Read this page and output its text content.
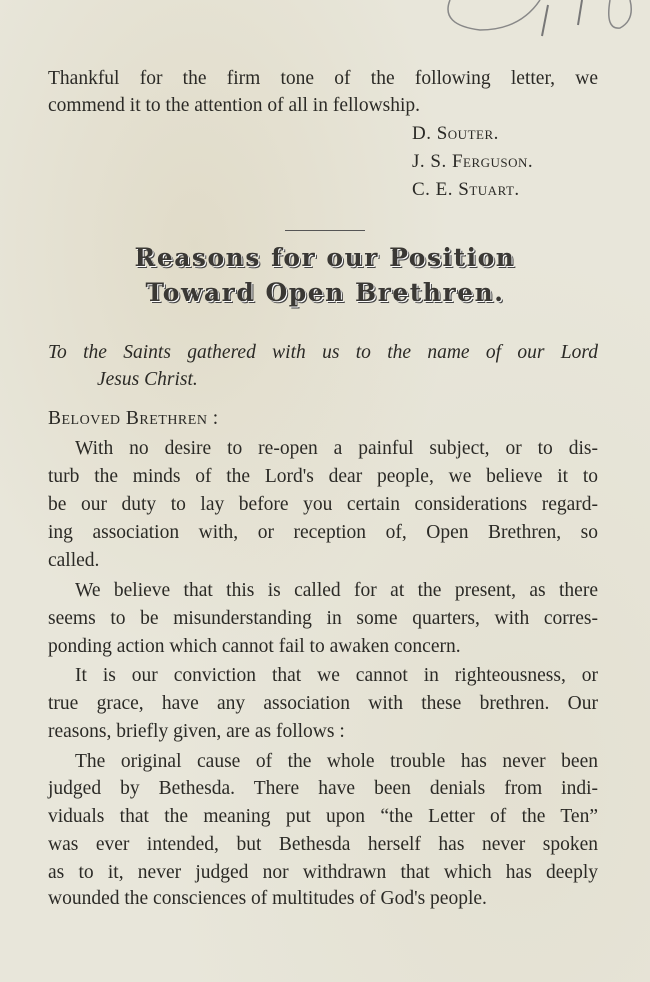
Thankful for the firm tone of the following letter, we
commend it to the attention of all in fellowship.
D. Souter.
J. S. Ferguson.
C. E. Stuart.
Reasons for our Position
Toward Open Brethren.
To the Saints gathered with us to the name of our Lord
Jesus Christ.
Beloved Brethren :
With no desire to re-open a painful subject, or to dis-
turb the minds of the Lord's dear people, we believe it to
be our duty to lay before you certain considerations regard-
ing association with, or reception of, Open Brethren, so
called.
We believe that this is called for at the present, as there
seems to be misunderstanding in some quarters, with corres-
ponding action which cannot fail to awaken concern.
It is our conviction that we cannot in righteousness, or
true grace, have any association with these brethren. Our
reasons, briefly given, are as follows :
The original cause of the whole trouble has never been
judged by Bethesda. There have been denials from indi-
viduals that the meaning put upon “the Letter of the Ten”
was ever intended, but Bethesda herself has never spoken
as to it, never judged nor withdrawn that which has deeply
wounded the consciences of multitudes of God's people.
